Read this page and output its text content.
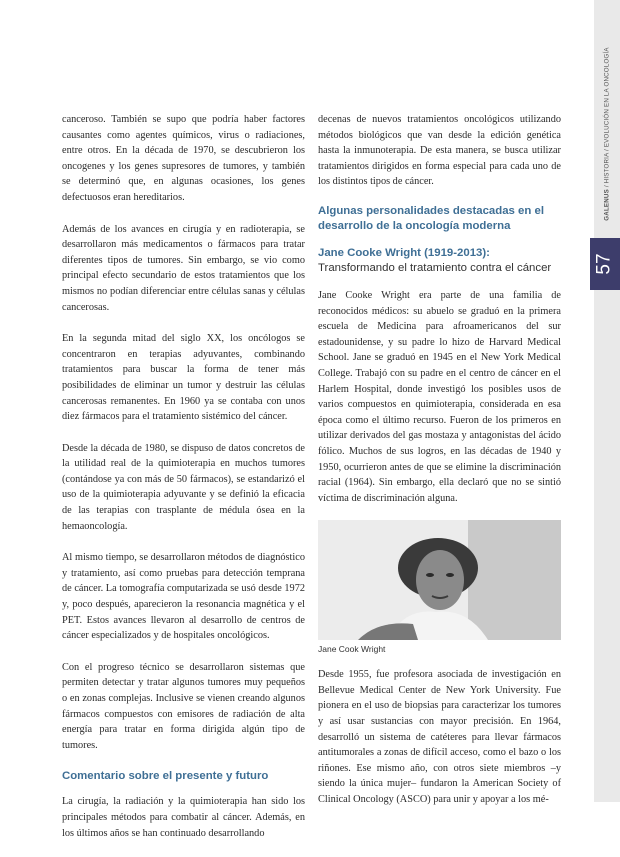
canceroso. También se supo que podría haber factores causantes como agentes químicos, virus o radiaciones, entre otros. En la década de 1970, se descubrieron los oncogenes y los genes supresores de tumores, y también se determinó que, en algunas ocasiones, los genes defectuosos eran hereditarios.

Además de los avances en cirugía y en radioterapia, se desarrollaron más medicamentos o fármacos para tratar diferentes tipos de tumores. Sin embargo, se vio como principal efecto secundario de estos tratamientos que los mismos no podían diferenciar entre células sanas y células cancerosas.

En la segunda mitad del siglo XX, los oncólogos se concentraron en terapias adyuvantes, combinando tratamientos para buscar la forma de tener más posibilidades de eliminar un tumor y destruir las células cancerosas remanentes. En 1960 ya se contaba con unos diez fármacos para el tratamiento sistémico del cáncer.

Desde la década de 1980, se dispuso de datos concretos de la utilidad real de la quimioterapia en muchos tumores (contándose ya con más de 50 fármacos), se estandarizó el uso de la quimioterapia adyuvante y se definió la eficacia de las terapias con trasplante de médula ósea en la hemaoncología.

Al mismo tiempo, se desarrollaron métodos de diagnóstico y tratamiento, así como pruebas para detección temprana de cáncer. La tomografía computarizada se usó desde 1972 y, poco después, aparecieron la resonancia magnética y el PET. Estos avances llevaron al desarrollo de centros de cáncer especializados y de hospitales oncológicos.

Con el progreso técnico se desarrollaron sistemas que permiten detectar y tratar algunos tumores muy pequeños o en zonas complejas. Inclusive se vienen creando algunos fármacos compuestos con emisores de radiación de alta energía para tratar en forma dirigida algún tipo de tumores.

Comentario sobre el presente y futuro

La cirugía, la radiación y la quimioterapia han sido los principales métodos para combatir al cáncer. Además, en los últimos años se han continuado desarrollando

decenas de nuevos tratamientos oncológicos utilizando métodos biológicos que van desde la edición genética hasta la inmunoterapia. De esta manera, se busca utilizar tratamientos dirigidos en forma especial para cada uno de los distintos tipos de cáncer.

Algunas personalidades destacadas en el desarrollo de la oncología moderna
Jane Cooke Wright (1919-2013):
Transformando el tratamiento contra el cáncer

Jane Cooke Wright era parte de una familia de reconocidos médicos: su abuelo se graduó en la primera escuela de Medicina para afroamericanos del sur estadounidense, y su padre lo hizo de Harvard Medical School. Jane se graduó en 1945 en el New York Medical College. Trabajó con su padre en el centro de cáncer en el Harlem Hospital, donde investigó los posibles usos de varios compuestos en quimioterapia, considerada en esa época como el último recurso. Fueron de los primeros en utilizar derivados del gas mostaza y antagonistas del ácido fólico. Muchos de sus logros, en las décadas de 1940 y 1950, ocurrieron antes de que se elimine la discriminación racial (1964). Sin embargo, ella declaró que no se sintió víctima de discriminación alguna.

Jane Cook Wright

Desde 1955, fue profesora asociada de investigación en Bellevue Medical Center de New York University. Fue pionera en el uso de biopsias para caracterizar los tumores y así usar sustancias con mayor precisión. En 1964, desarrolló un sistema de catéteres para llevar fármacos antitumorales a zonas de difícil acceso, como el bazo o los riñones. Ese mismo año, con otros siete miembros –y siendo la única mujer– fundaron la American Society of Clinical Oncology (ASCO) para unir y apoyar a los mé-

GALENUS / HISTORIA / EVOLUCIÓN EN LA ONCOLOGÍA
57
